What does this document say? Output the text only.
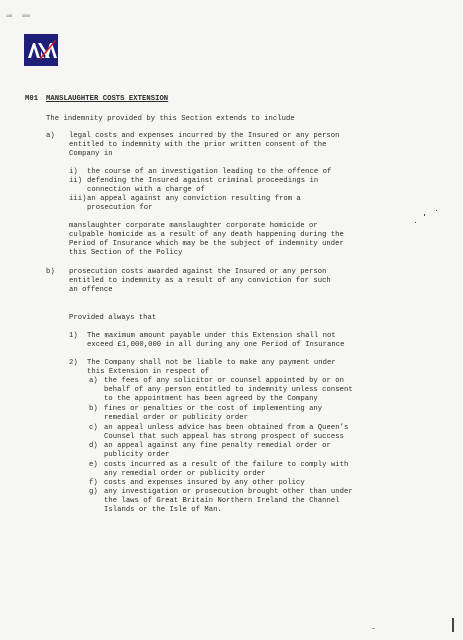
108	0000
M01 MANSLAUGHTER COSTS EXTENSION
The indemnity provided by this Section extends to include
a) legal costs and expenses incurred by the Insured or any person
entitled to indemnity with the prior written consent of the
Company in
i) the course of an investigation leading to the offence of
ii) defending the Insured against criminal proceedings in
connection with a charge of
iii) an appeal against any conviction resulting from a
prosecution for
manslaughter corporate manslaughter corporate homicide or
culpable homicide as a result of any death happening during the
Period of Insurance which may be the subject of indemnity under
this Section of the Policy
b) prosecution costs awarded against the Insured or any person
entitled to indemnity as a result of any conviction for such
an offence
Provided always that
1) The maximum amount payable under this Extension shall not
exceed £1,000,000 in all during any one Period of Insurance
2) The Company shall not be liable to make any payment under
this Extension in respect of
a) the fees of any solicitor or counsel appointed by or on
behalf of any person entitled to indemnity unless consent
to the appointment has been agreed by the Company
b) fines or penalties or the cost of implementing any
remedial order or publicity order
c) an appeal unless advice has been obtained from a Queen’s
Counsel that such appeal has strong prospect of success
d) an appeal against any fine penalty remedial order or
publicity order
e) costs incurred as a result of the failure to comply with
any remedial order or publicity order
f) costs and expenses insured by any other policy
g) any investigation or prosecution brought other than under
the laws of Great Britain Northern Ireland the Channel
Islands or the Isle of Man.
